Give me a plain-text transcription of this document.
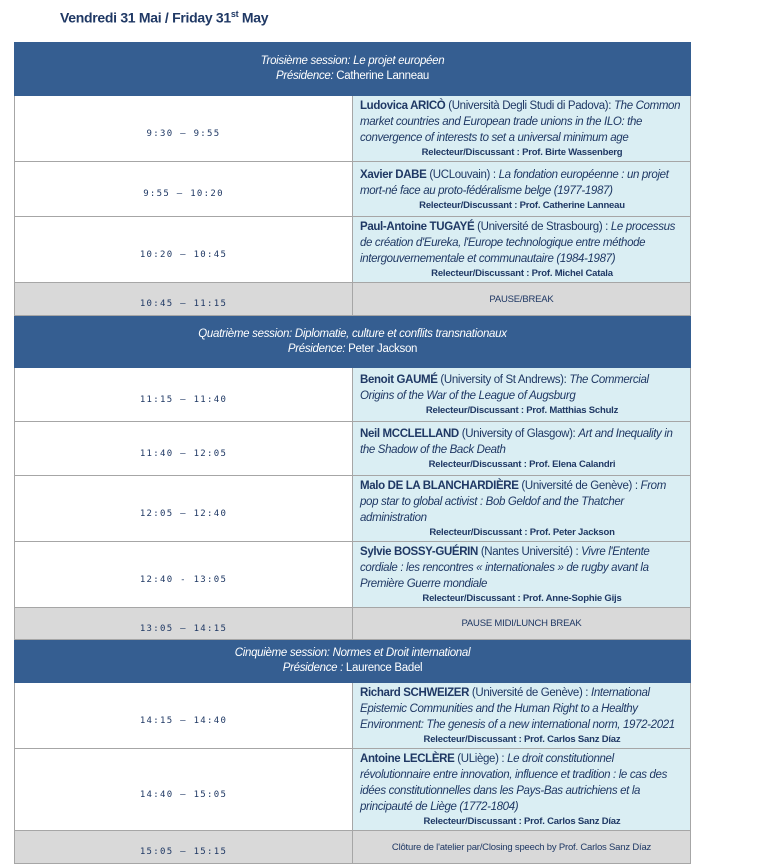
Vendredi 31 Mai / Friday 31st May
Troisième session: Le projet européen
Présidence: Catherine Lanneau	

9:30 – 9:55	Ludovica ARICÒ (Università Degli Studi di Padova): The Common market countries and European trade unions in the ILO: the convergence of interests to set a universal minimum age
Relecteur/Discussant : Prof. Birte Wassenberg

9:55 – 10:20	Xavier DABE (UCLouvain) : La fondation européenne : un projet mort-né face au proto-fédéralisme belge (1977-1987)
Relecteur/Discussant : Prof. Catherine Lanneau

10:20 – 10:45	Paul-Antoine TUGAYÉ (Université de Strasbourg) : Le processus de création d'Eureka, l'Europe technologique entre méthode intergouvernementale et communautaire (1984-1987)
Relecteur/Discussant : Prof. Michel Catala

10:45 – 11:15	PAUSE/BREAK

Quatrième session: Diplomatie, culture et conflits transnationaux
Présidence: Peter Jackson	

11:15 – 11:40	Benoit GAUMÉ (University of St Andrews): The Commercial Origins of the War of the League of Augsburg
Relecteur/Discussant : Prof. Matthias Schulz

11:40 – 12:05	Neil MCCLELLAND (University of Glasgow): Art and Inequality in the Shadow of the Back Death
Relecteur/Discussant : Prof. Elena Calandri

12:05 – 12:40	Malo DE LA BLANCHARDIÈRE (Université de Genève) : From pop star to global activist : Bob Geldof and the Thatcher administration
Relecteur/Discussant : Prof. Peter Jackson

12:40 - 13:05	Sylvie BOSSY-GUÉRIN (Nantes Université) : Vivre l'Entente cordiale : les rencontres « internationales » de rugby avant la Première Guerre mondiale
Relecteur/Discussant : Prof. Anne-Sophie Gijs

13:05 – 14:15	PAUSE MIDI/LUNCH BREAK

Cinquième session: Normes et Droit international
Présidence : Laurence Badel	

14:15 – 14:40	Richard SCHWEIZER (Université de Genève) : International Epistemic Communities and the Human Right to a Healthy Environment: The genesis of a new international norm, 1972-2021
Relecteur/Discussant : Prof. Carlos Sanz Díaz

14:40 – 15:05	Antoine LECLÈRE (ULiège) : Le droit constitutionnel révolutionnaire entre innovation, influence et tradition : le cas des idées constitutionnelles dans les Pays-Bas autrichiens et la principauté de Liège (1772-1804)
Relecteur/Discussant : Prof. Carlos Sanz Díaz

15:05 – 15:15	Clôture de l'atelier par/Closing speech by Prof. Carlos Sanz Díaz
